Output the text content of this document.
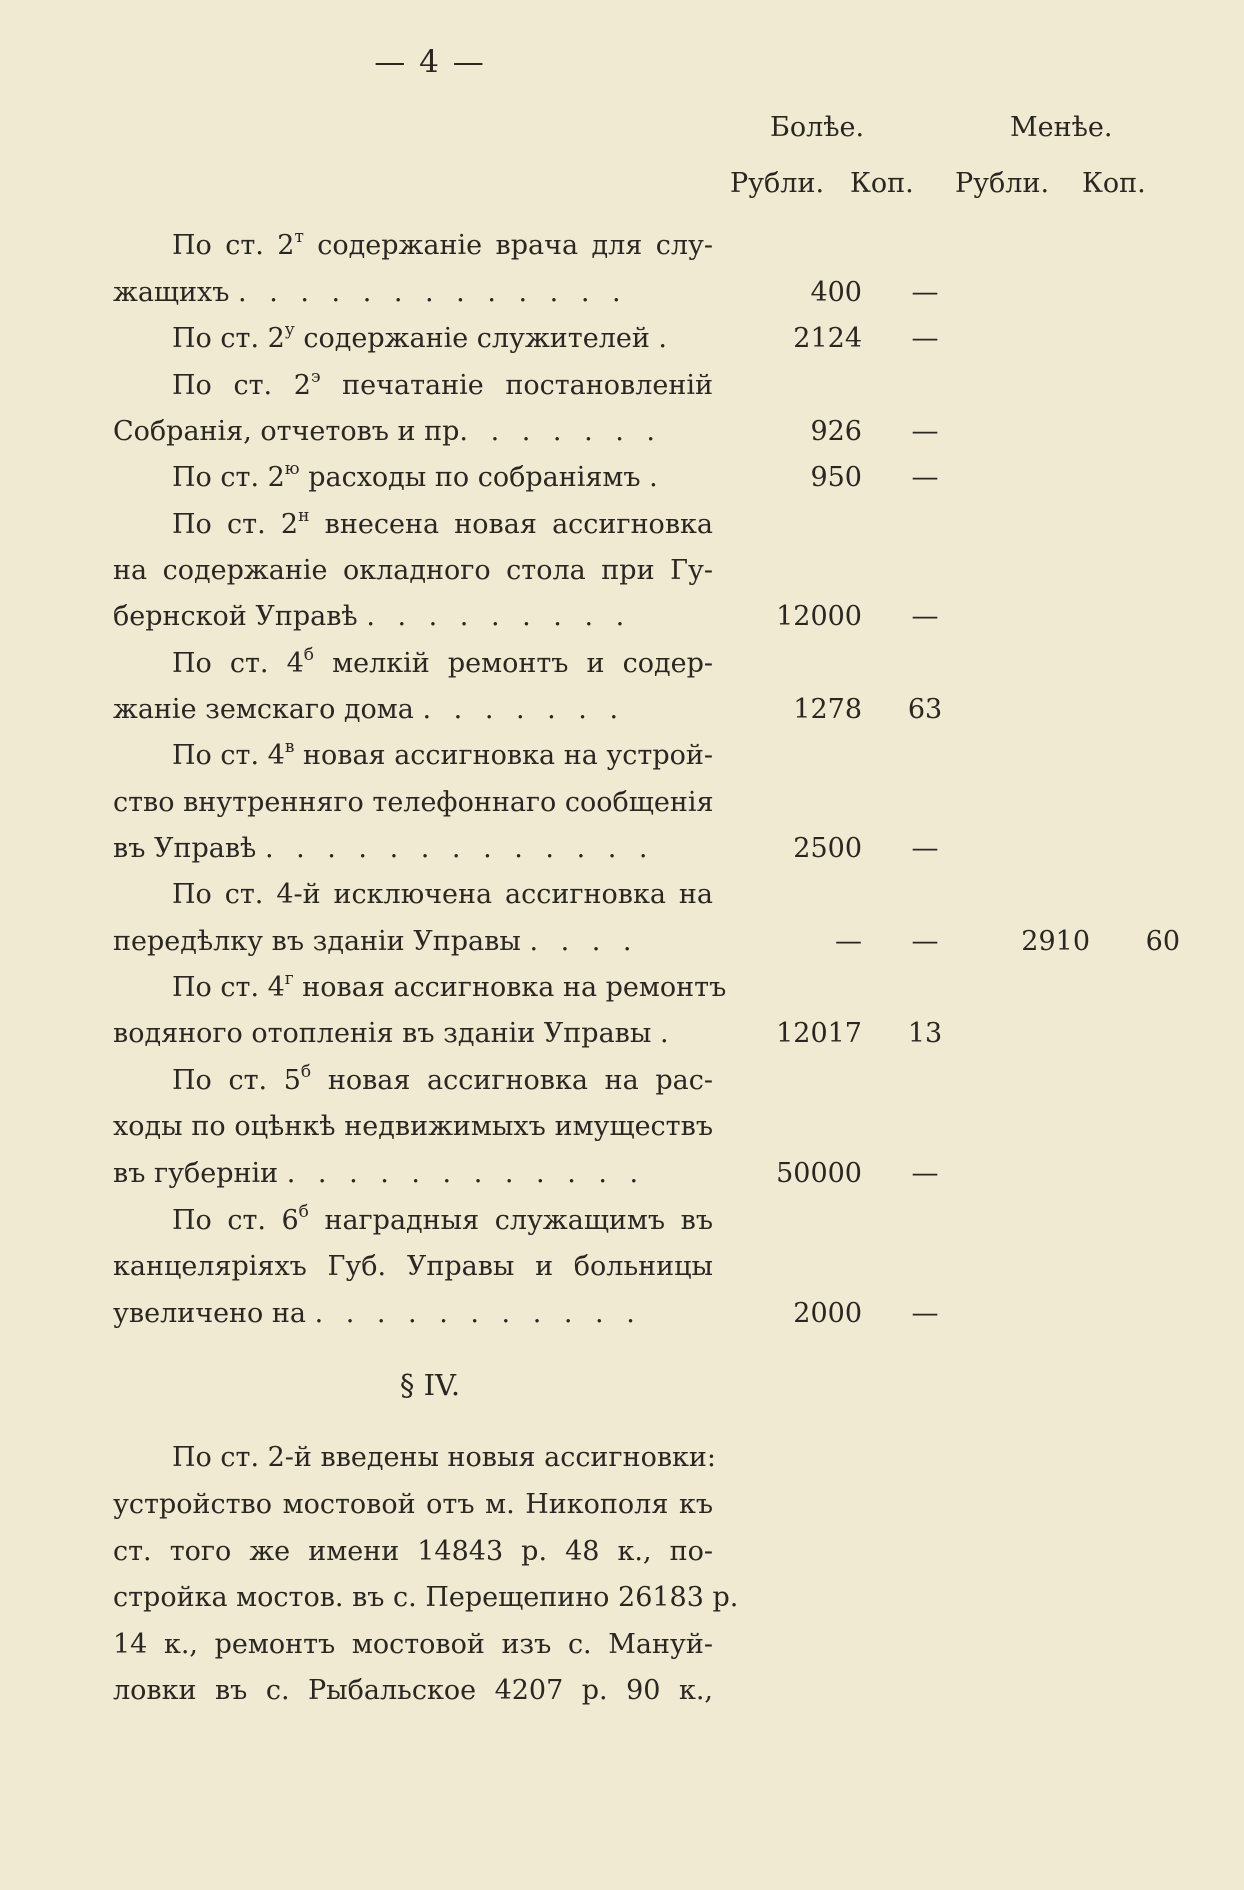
— 4 —
Болѣе.	Менѣе.
Рубли. Коп. Рубли. Коп.
По ст. $2^т$ содержаніе врача для слу-
жащихъ . . . . . . . . . . . . .	400	—
По ст. $2^у$ содержаніе служителей .	2124	—
По ст. $2^э$ печатаніе постановленій
Собранія, отчетовъ и пр. . . . . . .	926	—
По ст. $2^ю$ расходы по собраніямъ .	950	—
По ст. $2^н$ внесена новая ассигновка
на содержаніе окладного стола при Гу-
бернской Управѣ . . . . . . . . .	12000	—
По ст. $4^б$ мелкій ремонтъ и содер-
жаніе земскаго дома . . . . . . .	1278	63
По ст. $4^в$ новая ассигновка на устрой-
ство внутренняго телефоннаго сообщенія
въ Управѣ . . . . . . . . . . . . .	2500	—
По ст. 4-й исключена ассигновка на
передѣлку въ зданіи Управы . . . .	—	—	2910	60
По ст. $4^г$ новая ассигновка на ремонтъ
водяного отопленія въ зданіи Управы .	12017	13
По ст. $5^б$ новая ассигновка на рас-
ходы по оцѣнкѣ недвижимыхъ имуществъ
въ губерніи . . . . . . . . . . . .	50000	—
По ст. $6^б$ наградныя служащимъ въ
канцеляріяхъ Губ. Управы и больницы
увеличено на . . . . . . . . . . .	2000	—
§ IV.
По ст. 2-й введены новыя ассигновки:
устройство мостовой отъ м. Никополя къ
ст. того же имени 14843 р. 48 к., по-
стройка мостов. въ с. Перещепино 26183 р.
14 к., ремонтъ мостовой изъ с. Мануй-
ловки въ с. Рыбальское 4207 р. 90 к.,
